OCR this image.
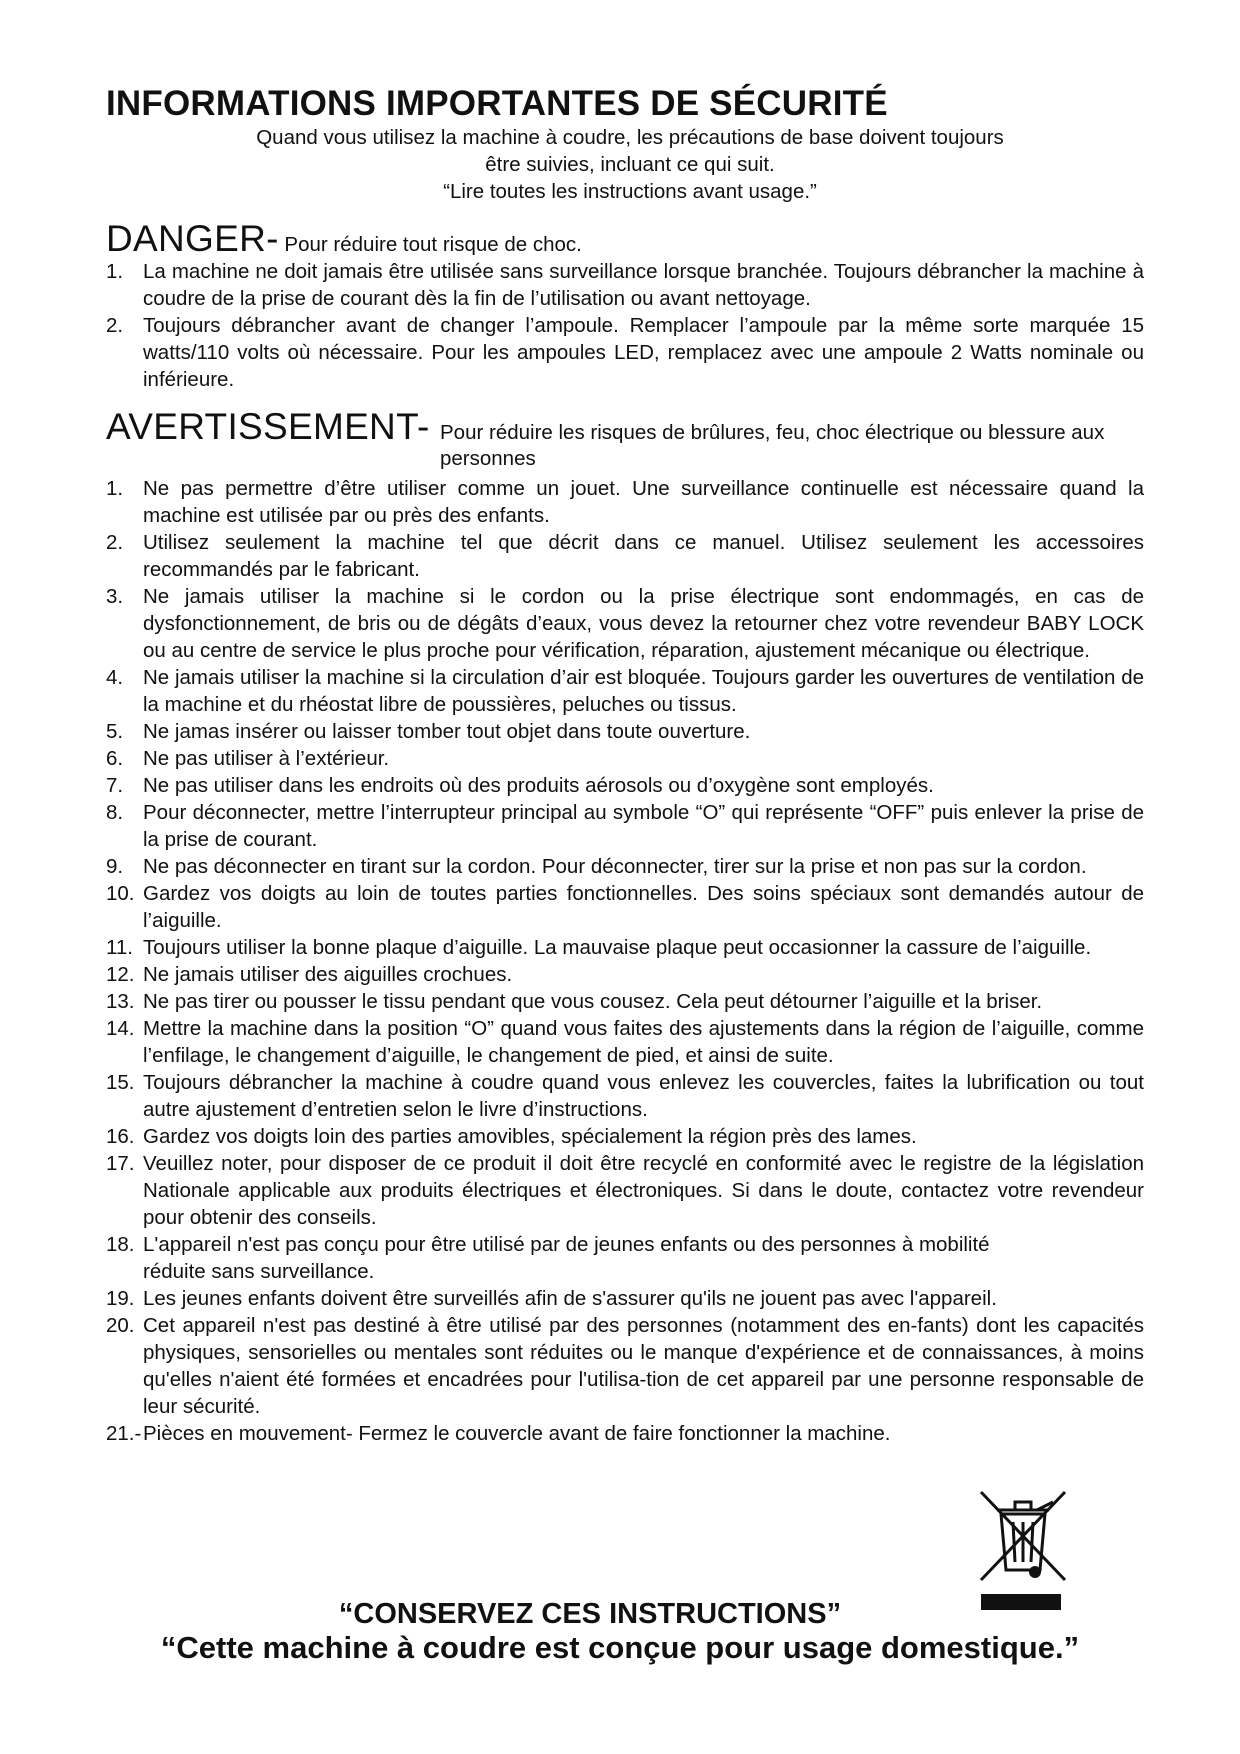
INFORMATIONS IMPORTANTES DE SÉCURITÉ
Quand vous utilisez la machine à coudre, les précautions de base doivent toujours
être suivies, incluant ce qui suit.
“Lire toutes les instructions avant usage.”
DANGER- Pour réduire tout risque de choc.
1. La machine ne doit jamais être utilisée sans surveillance lorsque branchée. Toujours débrancher la machine à coudre de la prise de courant dès la fin de l’utilisation ou avant nettoyage.
2. Toujours débrancher avant de changer l’ampoule. Remplacer l’ampoule par la même sorte marquée 15 watts/110 volts où nécessaire. Pour les ampoules LED, remplacez avec une ampoule 2 Watts nominale ou inférieure.
AVERTISSEMENT- Pour réduire les risques de brûlures, feu, choc électrique ou blessure aux personnes
1. Ne pas permettre d’être utiliser comme un jouet. Une surveillance continuelle est nécessaire quand la machine est utilisée par ou près des enfants.
2. Utilisez seulement la machine tel que décrit dans ce manuel. Utilisez seulement les accessoires recommandés par le fabricant.
3. Ne jamais utiliser la machine si le cordon ou la prise électrique sont endommagés, en cas de dysfonctionnement, de bris ou de dégâts d’eaux, vous devez la retourner chez votre revendeur BABY LOCK ou au centre de service le plus proche pour vérification, réparation, ajustement mécanique ou électrique.
4. Ne jamais utiliser la machine si la circulation d’air est bloquée. Toujours garder les ouvertures de ventilation de la machine et du rhéostat libre de poussières, peluches ou tissus.
5. Ne jamas insérer ou laisser tomber tout objet dans toute ouverture.
6. Ne pas utiliser à l’extérieur.
7. Ne pas utiliser dans les endroits où des produits aérosols ou d’oxygène sont employés.
8. Pour déconnecter, mettre l’interrupteur principal au symbole “O” qui représente “OFF” puis enlever la prise de la prise de courant.
9. Ne pas déconnecter en tirant sur la cordon. Pour déconnecter, tirer sur la prise et non pas sur la cordon.
10. Gardez vos doigts au loin de toutes parties fonctionnelles. Des soins spéciaux sont demandés autour de l’aiguille.
11. Toujours utiliser la bonne plaque d’aiguille. La mauvaise plaque peut occasionner la cassure de l’aiguille.
12. Ne jamais utiliser des aiguilles crochues.
13. Ne pas tirer ou pousser le tissu pendant que vous cousez. Cela peut détourner l’aiguille et la briser.
14. Mettre la machine dans la position “O” quand vous faites des ajustements dans la région de l’aiguille, comme l’enfilage, le changement d’aiguille, le changement de pied, et ainsi de suite.
15. Toujours débrancher la machine à coudre quand vous enlevez les couvercles, faites la lubrification ou tout autre ajustement d’entretien selon le livre d’instructions.
16. Gardez vos doigts loin des parties amovibles, spécialement la région près des lames.
17. Veuillez noter, pour disposer de ce produit il doit être recyclé en conformité avec le registre de la législation Nationale applicable aux produits électriques et électroniques. Si dans le doute, contactez votre revendeur pour obtenir des conseils.
18. L'appareil n'est pas conçu pour être utilisé par de jeunes enfants ou des personnes à mobilité réduite sans surveillance.
19. Les jeunes enfants doivent être surveillés afin de s'assurer qu'ils ne jouent pas avec l'appareil.
20. Cet appareil n'est pas destiné à être utilisé par des personnes (notamment des en-fants) dont les capacités physiques, sensorielles ou mentales sont réduites ou le manque d'expérience et de connaissances, à moins qu'elles n'aient été formées et encadrées pour l'utilisa-tion de cet appareil par une personne responsable de leur sécurité.
21.- Pièces en mouvement- Fermez le couvercle avant de faire fonctionner la machine.
“CONSERVEZ CES INSTRUCTIONS”
“Cette machine à coudre est conçue pour usage domestique.”
